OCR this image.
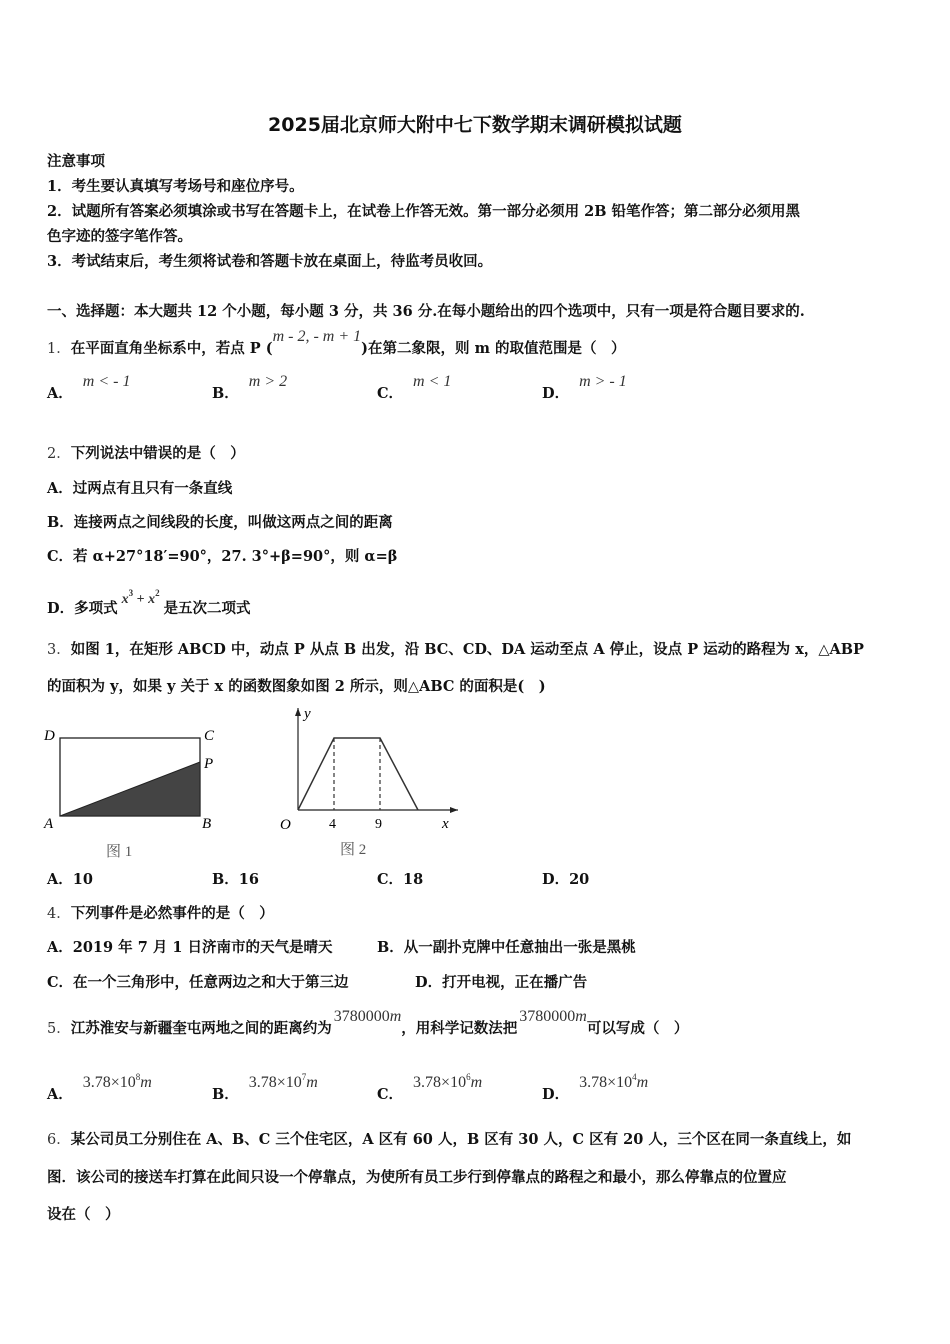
2025届北京师大附中七下数学期末调研模拟试题
注意事项
1．考生要认真填写考场号和座位序号。
2．试题所有答案必须填涂或书写在答题卡上，在试卷上作答无效。第一部分必须用 2B 铅笔作答；第二部分必须用黑
色字迹的签字笔作答。
3．考试结束后，考生须将试卷和答题卡放在桌面上，待监考员收回。
一、选择题：本大题共 12 个小题，每小题 3 分，共 36 分.在每小题给出的四个选项中，只有一项是符合题目要求的.
1．在平面直角坐标系中，若点 P (m - 2, - m + 1)在第二象限，则 m 的取值范围是（　）
A．m < - 1
B．m > 2
C．m < 1
D．m > - 1
2．下列说法中错误的是（　）
A．过两点有且只有一条直线
B．连接两点之间线段的长度，叫做这两点之间的距离
C．若 α+27°18′=90°，27. 3°+β=90°，则 α=β
D．多项式$x^3 + x^2$是五次二项式
3．如图 1，在矩形 ABCD 中，动点 P 从点 B 出发，沿 BC、CD、DA 运动至点 A 停止，设点 P 运动的路程为 x，△ABP
的面积为 y，如果 y 关于 x 的函数图象如图 2 所示，则△ABC 的面积是(　)
D	C
P
A	B
图 1
y
x
O	4	9
图 2
A．10	B．16	C．18	D．20
4．下列事件是必然事件的是（　）
A．2019 年 7 月 1 日济南市的天气是晴天	B．从一副扑克牌中任意抽出一张是黑桃
C．在一个三角形中，任意两边之和大于第三边	D．打开电视，正在播广告
5．江苏淮安与新疆奎屯两地之间的距离约为3780000m，用科学记数法把3780000m可以写成（　）
A．$3.78\times 10^8m$
B．$3.78\times 10^7m$
C．$3.78\times 10^6m$
D．$3.78\times 10^4m$
6．某公司员工分别住在 A、B、C 三个住宅区，A 区有 60 人，B 区有 30 人，C 区有 20 人，三个区在同一条直线上，如
图．该公司的接送车打算在此间只设一个停靠点，为使所有员工步行到停靠点的路程之和最小，那么停靠点的位置应
设在（　）
